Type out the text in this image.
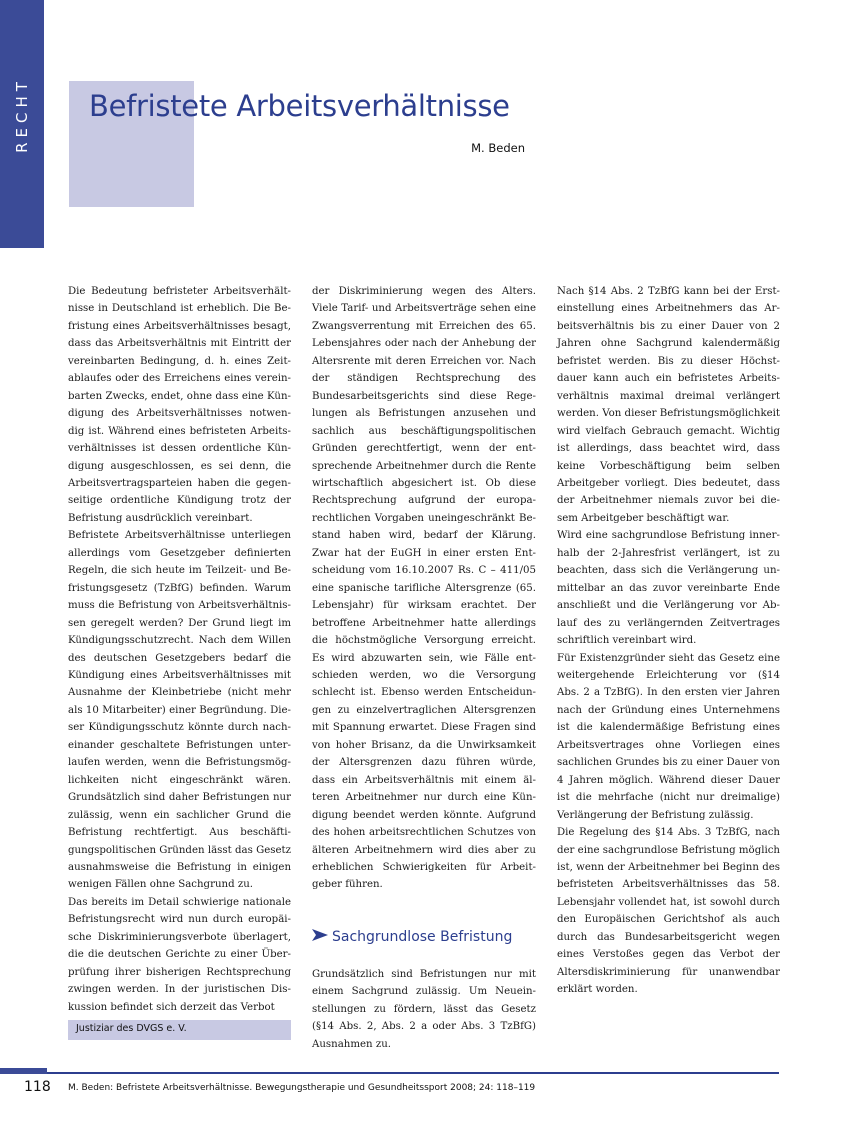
RECHT Befristete Arbeitsverhältnisse
M. Beden

Die Bedeutung befristeter Arbeitsverhältnisse in Deutschland ist erheblich. Die Befristung eines Arbeitsverhältnisses besagt, dass das Arbeitsverhältnis mit Eintritt der vereinbarten Bedingung, d. h. eines Zeitablaufes oder des Erreichens eines vereinbarten Zwecks, endet, ohne dass eine Kündigung des Arbeitsverhältnisses notwendig ist. Während eines befristeten Arbeitsverhältnisses ist dessen ordentliche Kündigung ausgeschlossen, es sei denn, die Arbeitsvertragsparteien haben die gegenseitige ordentliche Kündigung trotz der Befristung ausdrücklich vereinbart.

Befristete Arbeitsverhältnisse unterliegen allerdings vom Gesetzgeber definierten Regeln, die sich heute im Teilzeit- und Befristungsgesetz (TzBfG) befinden. Warum muss die Befristung von Arbeitsverhältnissen geregelt werden? Der Grund liegt im Kündigungsschutzrecht. Nach dem Willen des deutschen Gesetzgebers bedarf die Kündigung eines Arbeitsverhältnisses mit Ausnahme der Kleinbetriebe (nicht mehr als 10 Mitarbeiter) einer Begründung. Dieser Kündigungsschutz könnte durch nacheinander geschaltete Befristungen unterlaufen werden, wenn die Befristungsmöglichkeiten nicht eingeschränkt wären. Grundsätzlich sind daher Befristungen nur zulässig, wenn ein sachlicher Grund die Befristung rechtfertigt. Aus beschäftigungspolitischen Gründen lässt das Gesetz ausnahmsweise die Befristung in einigen wenigen Fällen ohne Sachgrund zu.

Das bereits im Detail schwierige nationale Befristungsrecht wird nun durch europäische Diskriminierungsverbote überlagert, die die deutschen Gerichte zu einer Überprüfung ihrer bisherigen Rechtsprechung zwingen werden. In der juristischen Diskussion befindet sich derzeit das Verbot

der Diskriminierung wegen des Alters. Viele Tarif- und Arbeitsverträge sehen eine Zwangsverrentung mit Erreichen des 65. Lebensjahres oder nach der Anhebung der Altersrente mit deren Erreichen vor. Nach der ständigen Rechtsprechung des Bundesarbeitsgerichts sind diese Regelungen als Befristungen anzusehen und sachlich aus beschäftigungspolitischen Gründen gerechtfertigt, wenn der entsprechende Arbeitnehmer durch die Rente wirtschaftlich abgesichert ist. Ob diese Rechtsprechung aufgrund der europarechtlichen Vorgaben uneingeschränkt Bestand haben wird, bedarf der Klärung. Zwar hat der EuGH in einer ersten Entscheidung vom 16.10.2007 Rs. C – 411/05 eine spanische tarifliche Altersgrenze (65. Lebensjahr) für wirksam erachtet. Der betroffene Arbeitnehmer hatte allerdings die höchstmögliche Versorgung erreicht. Es wird abzuwarten sein, wie Fälle entschieden werden, wo die Versorgung schlecht ist. Ebenso werden Entscheidungen zu einzelvertraglichen Altersgrenzen mit Spannung erwartet. Diese Fragen sind von hoher Brisanz, da die Unwirksamkeit der Altersgrenzen dazu führen würde, dass ein Arbeitsverhältnis mit einem älteren Arbeitnehmer nur durch eine Kündigung beendet werden könnte. Aufgrund des hohen arbeitsrechtlichen Schutzes von älteren Arbeitnehmern wird dies aber zu erheblichen Schwierigkeiten für Arbeitgeber führen.

Sachgrundlose Befristung

Grundsätzlich sind Befristungen nur mit einem Sachgrund zulässig. Um Neueinstellungen zu fördern, lässt das Gesetz (§14 Abs. 2, Abs. 2 a oder Abs. 3 TzBfG) Ausnahmen zu.

Nach §14 Abs. 2 TzBfG kann bei der Ersteinstellung eines Arbeitnehmers das Arbeitsverhältnis bis zu einer Dauer von 2 Jahren ohne Sachgrund kalendermäßig befristet werden. Bis zu dieser Höchstdauer kann auch ein befristetes Arbeitsverhältnis maximal dreimal verlängert werden. Von dieser Befristungsmöglichkeit wird vielfach Gebrauch gemacht. Wichtig ist allerdings, dass beachtet wird, dass keine Vorbeschäftigung beim selben Arbeitgeber vorliegt. Dies bedeutet, dass der Arbeitnehmer niemals zuvor bei diesem Arbeitgeber beschäftigt war.

Wird eine sachgrundlose Befristung innerhalb der 2-Jahresfrist verlängert, ist zu beachten, dass sich die Verlängerung unmittelbar an das zuvor vereinbarte Ende anschließt und die Verlängerung vor Ablauf des zu verlängernden Zeitvertrages schriftlich vereinbart wird.

Für Existenzgründer sieht das Gesetz eine weitergehende Erleichterung vor (§14 Abs. 2 a TzBfG). In den ersten vier Jahren nach der Gründung eines Unternehmens ist die kalendermäßige Befristung eines Arbeitsvertrages ohne Vorliegen eines sachlichen Grundes bis zu einer Dauer von 4 Jahren möglich. Während dieser Dauer ist die mehrfache (nicht nur dreimalige) Verlängerung der Befristung zulässig.

Die Regelung des §14 Abs. 3 TzBfG, nach der eine sachgrundlose Befristung möglich ist, wenn der Arbeitnehmer bei Beginn des befristeten Arbeitsverhältnisses das 58. Lebensjahr vollendet hat, ist sowohl durch den Europäischen Gerichtshof als auch durch das Bundesarbeitsgericht wegen eines Verstoßes gegen das Verbot der Altersdiskriminierung für unanwendbar erklärt worden.

Justiziar des DVGS e. V.
118 M. Beden: Befristete Arbeitsverhältnisse. Bewegungstherapie und Gesundheitssport 2008; 24: 118–119
